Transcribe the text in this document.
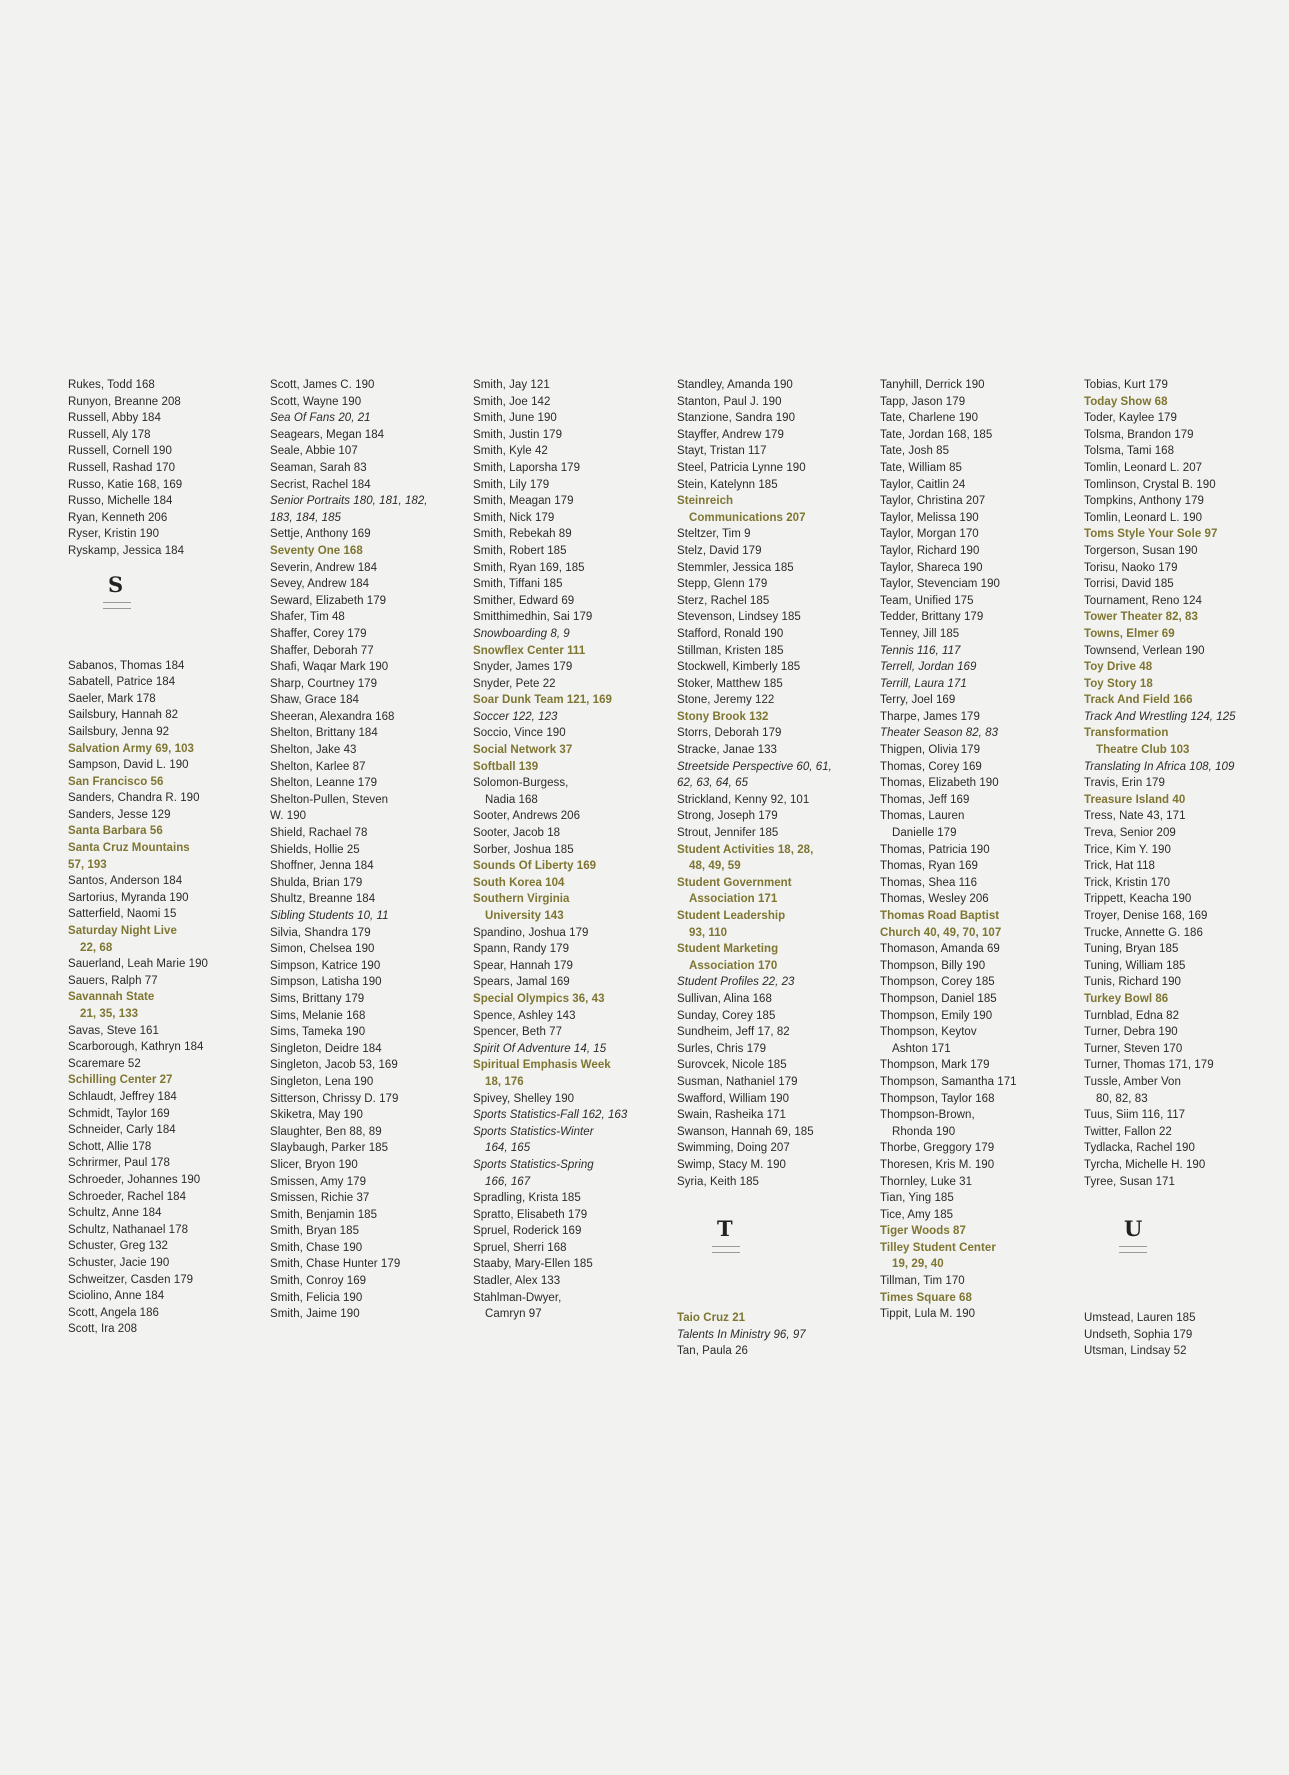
Rukes, Todd 168
Runyon, Breanne 208
Russell, Abby 184
Russell, Aly 178
Russell, Cornell 190
Russell, Rashad 170
Russo, Katie 168, 169
Russo, Michelle 184
Ryan, Kenneth 206
Ryser, Kristin 190
Ryskamp, Jessica 184
S
Sabanos, Thomas 184
Sabatell, Patrice 184
Saeler, Mark 178
Sailsbury, Hannah 82
Sailsbury, Jenna 92
Salvation Army 69, 103
Sampson, David L. 190
San Francisco 56
Sanders, Chandra R. 190
Sanders, Jesse 129
Santa Barbara 56
Santa Cruz Mountains
57, 193
Santos, Anderson 184
Sartorius, Myranda 190
Satterfield, Naomi 15
Saturday Night Live
22, 68
Sauerland, Leah Marie 190
Sauers, Ralph 77
Savannah State
21, 35, 133
Savas, Steve 161
Scarborough, Kathryn 184
Scaremare 52
Schilling Center 27
Schlaudt, Jeffrey 184
Schmidt, Taylor 169
Schneider, Carly 184
Schott, Allie 178
Schrirmer, Paul 178
Schroeder, Johannes 190
Schroeder, Rachel 184
Schultz, Anne 184
Schultz, Nathanael 178
Schuster, Greg 132
Schuster, Jacie 190
Schweitzer, Casden 179
Sciolino, Anne 184
Scott, Angela 186
Scott, Ira 208
Scott, James C. 190
Scott, Wayne 190
Sea Of Fans 20, 21
Seagears, Megan 184
Seale, Abbie 107
Seaman, Sarah 83
Secrist, Rachel 184
Senior Portraits 180, 181, 182,
183, 184, 185
Settje, Anthony 169
Seventy One 168
Severin, Andrew 184
Sevey, Andrew 184
Seward, Elizabeth 179
Shafer, Tim 48
Shaffer, Corey 179
Shaffer, Deborah 77
Shafi, Waqar Mark 190
Sharp, Courtney 179
Shaw, Grace 184
Sheeran, Alexandra 168
Shelton, Brittany 184
Shelton, Jake 43
Shelton, Karlee 87
Shelton, Leanne 179
Shelton-Pullen, Steven
W. 190
Shield, Rachael 78
Shields, Hollie 25
Shoffner, Jenna 184
Shulda, Brian 179
Shultz, Breanne 184
Sibling Students 10, 11
Silvia, Shandra 179
Simon, Chelsea 190
Simpson, Katrice 190
Simpson, Latisha 190
Sims, Brittany 179
Sims, Melanie 168
Sims, Tameka 190
Singleton, Deidre 184
Singleton, Jacob 53, 169
Singleton, Lena 190
Sitterson, Chrissy D. 179
Skiketra, May 190
Slaughter, Ben 88, 89
Slaybaugh, Parker 185
Slicer, Bryon 190
Smissen, Amy 179
Smissen, Richie 37
Smith, Benjamin 185
Smith, Bryan 185
Smith, Chase 190
Smith, Chase Hunter 179
Smith, Conroy 169
Smith, Felicia 190
Smith, Jaime 190
Smith, Jay 121
Smith, Joe 142
Smith, June 190
Smith, Justin 179
Smith, Kyle 42
Smith, Laporsha 179
Smith, Lily 179
Smith, Meagan 179
Smith, Nick 179
Smith, Rebekah 89
Smith, Robert 185
Smith, Ryan 169, 185
Smith, Tiffani 185
Smither, Edward 69
Smitthimedhin, Sai 179
Snowboarding 8, 9
Snowflex Center 111
Snyder, James 179
Snyder, Pete 22
Soar Dunk Team 121, 169
Soccer 122, 123
Soccio, Vince 190
Social Network 37
Softball 139
Solomon-Burgess,
Nadia 168
Sooter, Andrews 206
Sooter, Jacob 18
Sorber, Joshua 185
Sounds Of Liberty 169
South Korea 104
Southern Virginia
University 143
Spandino, Joshua 179
Spann, Randy 179
Spear, Hannah 179
Spears, Jamal 169
Special Olympics 36, 43
Spence, Ashley 143
Spencer, Beth 77
Spirit Of Adventure 14, 15
Spiritual Emphasis Week
18, 176
Spivey, Shelley 190
Sports Statistics-Fall 162, 163
Sports Statistics-Winter
164, 165
Sports Statistics-Spring
166, 167
Spradling, Krista 185
Spratto, Elisabeth 179
Spruel, Roderick 169
Spruel, Sherri 168
Staaby, Mary-Ellen 185
Stadler, Alex 133
Stahlman-Dwyer,
Camryn 97
Standley, Amanda 190
Stanton, Paul J. 190
Stanzione, Sandra 190
Stayffer, Andrew 179
Stayt, Tristan 117
Steel, Patricia Lynne 190
Stein, Katelynn 185
Steinreich
Communications 207
Steltzer, Tim 9
Stelz, David 179
Stemmler, Jessica 185
Stepp, Glenn 179
Sterz, Rachel 185
Stevenson, Lindsey 185
Stafford, Ronald 190
Stillman, Kristen 185
Stockwell, Kimberly 185
Stoker, Matthew 185
Stone, Jeremy 122
Stony Brook 132
Storrs, Deborah 179
Stracke, Janae 133
Streetside Perspective 60, 61,
62, 63, 64, 65
Strickland, Kenny 92, 101
Strong, Joseph 179
Strout, Jennifer 185
Student Activities 18, 28,
48, 49, 59
Student Government
Association 171
Student Leadership
93, 110
Student Marketing
Association 170
Student Profiles 22, 23
Sullivan, Alina 168
Sunday, Corey 185
Sundheim, Jeff 17, 82
Surles, Chris 179
Surovcek, Nicole 185
Susman, Nathaniel 179
Swafford, William 190
Swain, Rasheika 171
Swanson, Hannah 69, 185
Swimming, Doing 207
Swimp, Stacy M. 190
Syria, Keith 185
T
Taio Cruz 21
Talents In Ministry 96, 97
Tan, Paula 26
Tanyhill, Derrick 190
Tapp, Jason 179
Tate, Charlene 190
Tate, Jordan 168, 185
Tate, Josh 85
Tate, William 85
Taylor, Caitlin 24
Taylor, Christina 207
Taylor, Melissa 190
Taylor, Morgan 170
Taylor, Richard 190
Taylor, Shareca 190
Taylor, Stevenciam 190
Team, Unified 175
Tedder, Brittany 179
Tenney, Jill 185
Tennis 116, 117
Terrell, Jordan 169
Terrill, Laura 171
Terry, Joel 169
Tharpe, James 179
Theater Season 82, 83
Thigpen, Olivia 179
Thomas, Corey 169
Thomas, Elizabeth 190
Thomas, Jeff 169
Thomas, Lauren
Danielle 179
Thomas, Patricia 190
Thomas, Ryan 169
Thomas, Shea 116
Thomas, Wesley 206
Thomas Road Baptist
Church 40, 49, 70, 107
Thomason, Amanda 69
Thompson, Billy 190
Thompson, Corey 185
Thompson, Daniel 185
Thompson, Emily 190
Thompson, Keytov
Ashton 171
Thompson, Mark 179
Thompson, Samantha 171
Thompson, Taylor 168
Thompson-Brown,
Rhonda 190
Thorbe, Greggory 179
Thoresen, Kris M. 190
Thornley, Luke 31
Tian, Ying 185
Tice, Amy 185
Tiger Woods 87
Tilley Student Center
19, 29, 40
Tillman, Tim 170
Times Square 68
Tippit, Lula M. 190
Tobias, Kurt 179
Today Show 68
Toder, Kaylee 179
Tolsma, Brandon 179
Tolsma, Tami 168
Tomlin, Leonard L. 207
Tomlinson, Crystal B. 190
Tompkins, Anthony 179
Tomlin, Leonard L. 190
Toms Style Your Sole 97
Torgerson, Susan 190
Torisu, Naoko 179
Torrisi, David 185
Tournament, Reno 124
Tower Theater 82, 83
Towns, Elmer 69
Townsend, Verlean 190
Toy Drive 48
Toy Story 18
Track And Field 166
Track And Wrestling 124, 125
Transformation
Theatre Club 103
Translating In Africa 108, 109
Travis, Erin 179
Treasure Island 40
Tress, Nate 43, 171
Treva, Senior 209
Trice, Kim Y. 190
Trick, Hat 118
Trick, Kristin 170
Trippett, Keacha 190
Troyer, Denise 168, 169
Trucke, Annette G. 186
Tuning, Bryan 185
Tuning, William 185
Tunis, Richard 190
Turkey Bowl 86
Turnblad, Edna 82
Turner, Debra 190
Turner, Steven 170
Turner, Thomas 171, 179
Tussle, Amber Von
80, 82, 83
Tuus, Siim 116, 117
Twitter, Fallon 22
Tydlacka, Rachel 190
Tyrcha, Michelle H. 190
Tyree, Susan 171
U
Umstead, Lauren 185
Undseth, Sophia 179
Utsman, Lindsay 52
